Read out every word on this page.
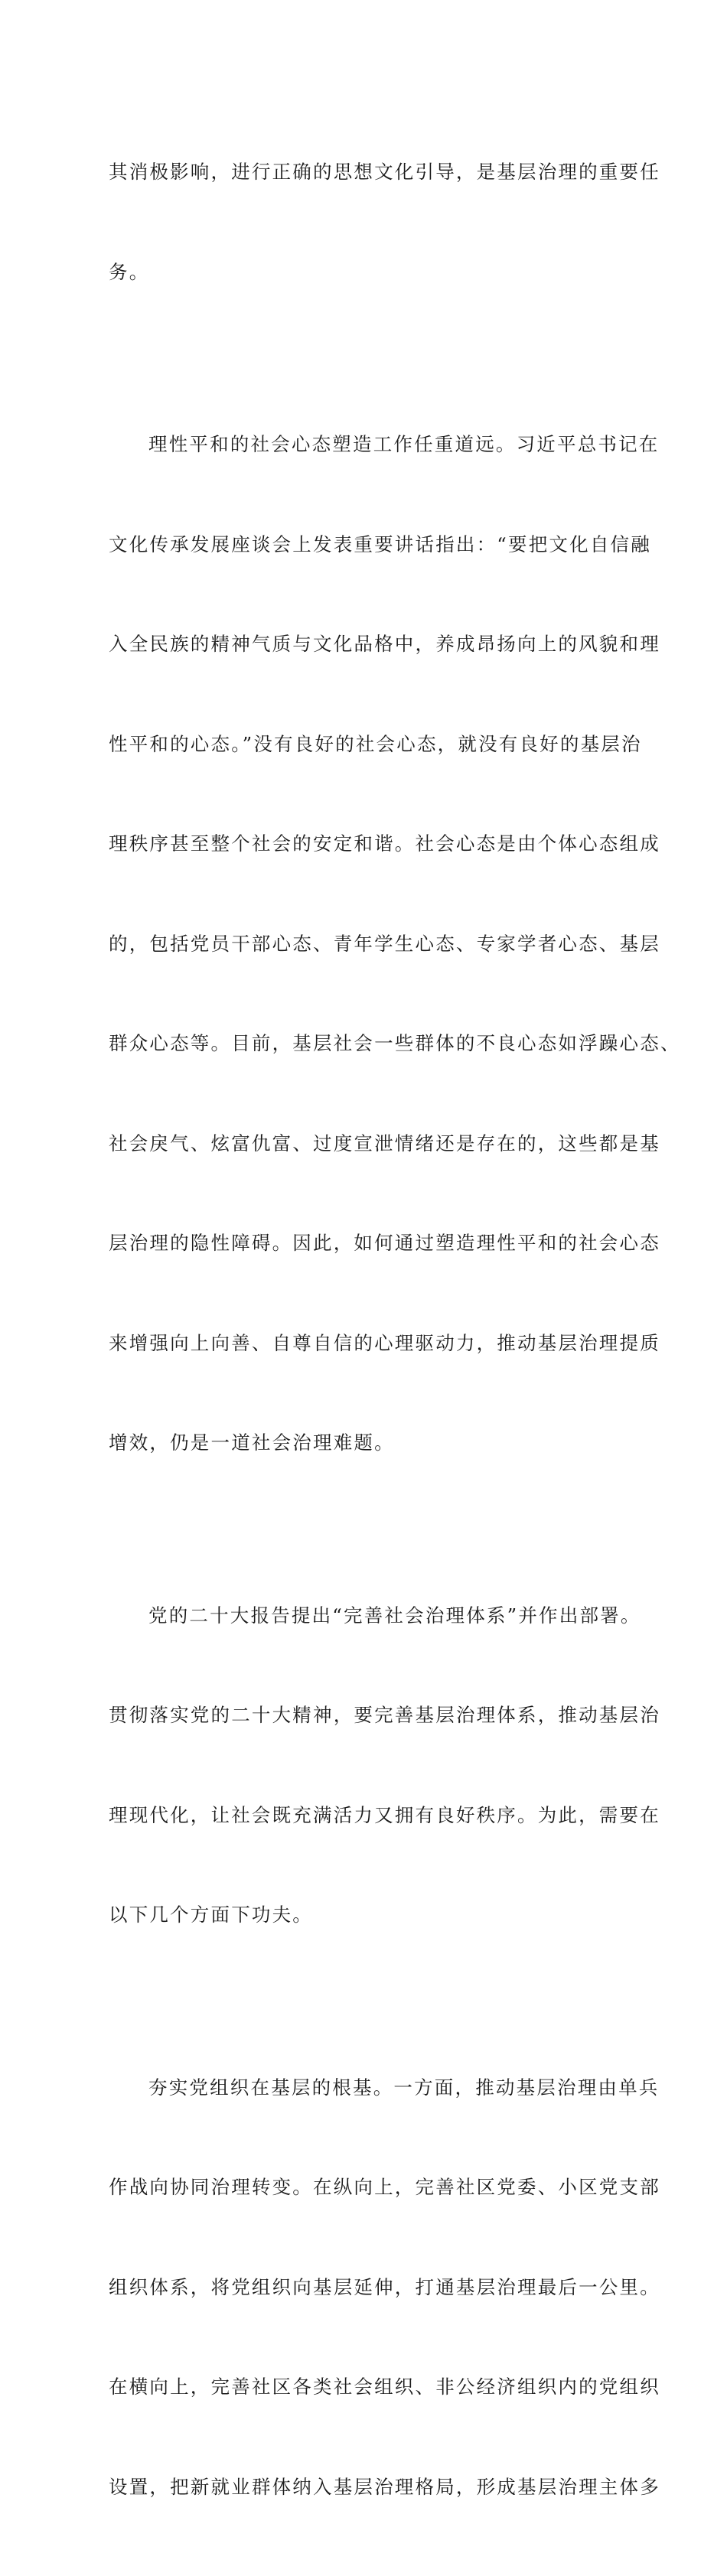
其消极影响，进行正确的思想文化引导，是基层治理的重要任

务。

理性平和的社会心态塑造工作任重道远。习近平总书记在

文化传承发展座谈会上发表重要讲话指出：“要把文化自信融

入全民族的精神气质与文化品格中，养成昂扬向上的风貌和理

性平和的心态。”没有良好的社会心态，就没有良好的基层治

理秩序甚至整个社会的安定和谐。社会心态是由个体心态组成

的，包括党员干部心态、青年学生心态、专家学者心态、基层

群众心态等。目前，基层社会一些群体的不良心态如浮躁心态、

社会戾气、炫富仇富、过度宣泄情绪还是存在的，这些都是基

层治理的隐性障碍。因此，如何通过塑造理性平和的社会心态

来增强向上向善、自尊自信的心理驱动力，推动基层治理提质

增效，仍是一道社会治理难题。

党的二十大报告提出“完善社会治理体系”并作出部署。

贯彻落实党的二十大精神，要完善基层治理体系，推动基层治

理现代化，让社会既充满活力又拥有良好秩序。为此，需要在

以下几个方面下功夫。

夯实党组织在基层的根基。一方面，推动基层治理由单兵

作战向协同治理转变。在纵向上，完善社区党委、小区党支部

组织体系，将党组织向基层延伸，打通基层治理最后一公里。

在横向上，完善社区各类社会组织、非公经济组织内的党组织

设置，把新就业群体纳入基层治理格局，形成基层治理主体多
